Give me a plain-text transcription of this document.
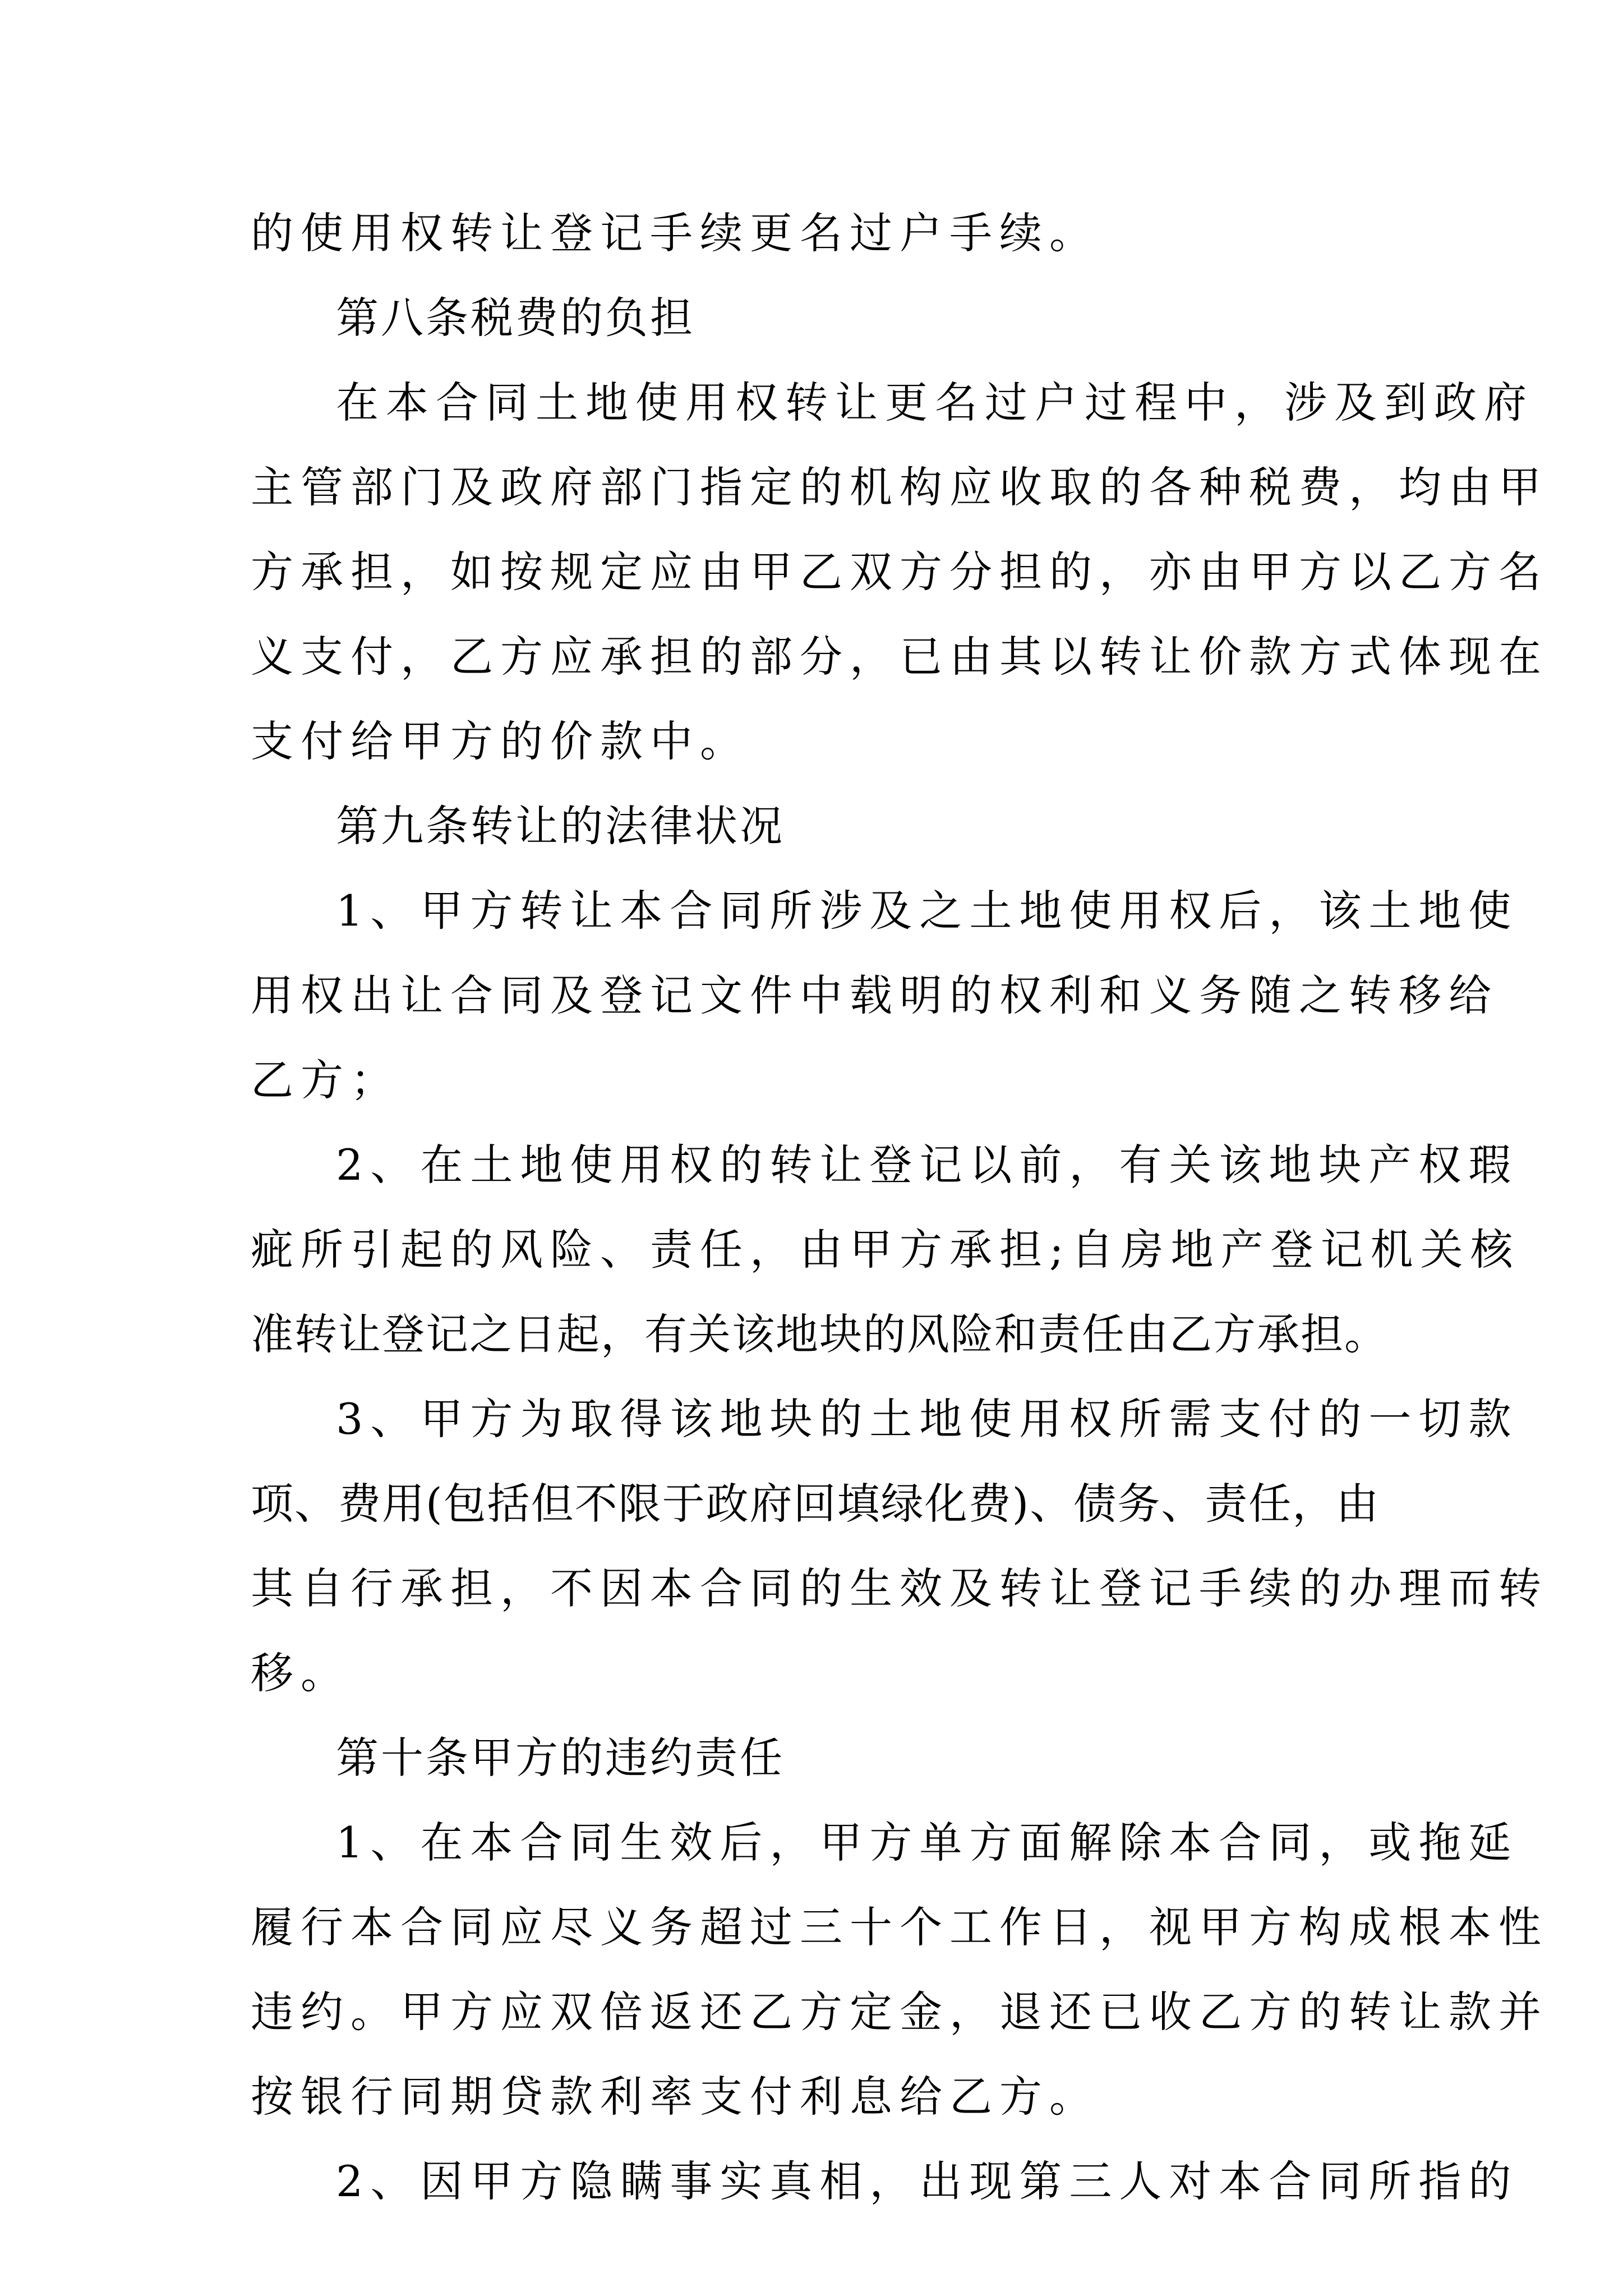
的使用权转让登记手续更名过户手续。
第八条税费的负担
在本合同土地使用权转让更名过户过程中，涉及到政府
主管部门及政府部门指定的机构应收取的各种税费，均由甲
方承担，如按规定应由甲乙双方分担的，亦由甲方以乙方名
义支付，乙方应承担的部分，已由其以转让价款方式体现在
支付给甲方的价款中。
第九条转让的法律状况
1、甲方转让本合同所涉及之土地使用权后，该土地使
用权出让合同及登记文件中载明的权利和义务随之转移给
乙方；
2、在土地使用权的转让登记以前，有关该地块产权瑕
疵所引起的风险、责任，由甲方承担;自房地产登记机关核
准转让登记之日起，有关该地块的风险和责任由乙方承担。
3、甲方为取得该地块的土地使用权所需支付的一切款
项、费用(包括但不限于政府回填绿化费)、债务、责任，由
其自行承担，不因本合同的生效及转让登记手续的办理而转
移。
第十条甲方的违约责任
1、在本合同生效后，甲方单方面解除本合同，或拖延
履行本合同应尽义务超过三十个工作日，视甲方构成根本性
违约。甲方应双倍返还乙方定金，退还已收乙方的转让款并
按银行同期贷款利率支付利息给乙方。
2、因甲方隐瞒事实真相，出现第三人对本合同所指的
